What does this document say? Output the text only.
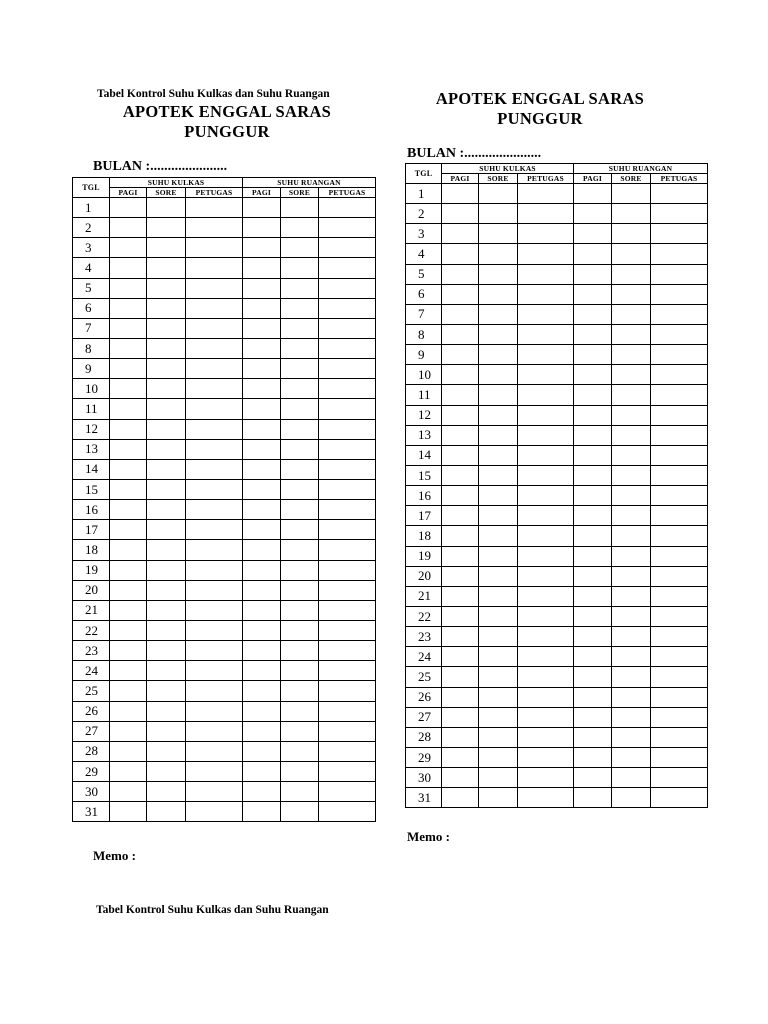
Tabel Kontrol Suhu Kulkas dan Suhu Ruangan
APOTEK ENGGAL SARAS
PUNGGUR
BULAN :......................
TGL	SUHU KULKAS			SUHU RUANGAN		
	PAGI	SORE	PETUGAS	PAGI	SORE	PETUGAS
1						
2						
3						
4						
5						
6						
7						
8						
9						
10						
11						
12						
13						
14						
15						
16						
17						
18						
19						
20						
21						
22						
23						
24						
25						
26						
27						
28						
29						
30						
31						
Memo :
Tabel Kontrol Suhu Kulkas dan Suhu Ruangan
APOTEK ENGGAL SARAS
PUNGGUR
BULAN :......................
TGL	SUHU KULKAS			SUHU RUANGAN		
	PAGI	SORE	PETUGAS	PAGI	SORE	PETUGAS
1						
2						
3						
4						
5						
6						
7						
8						
9						
10						
11						
12						
13						
14						
15						
16						
17						
18						
19						
20						
21						
22						
23						
24						
25						
26						
27						
28						
29						
30						
31						
Memo :
